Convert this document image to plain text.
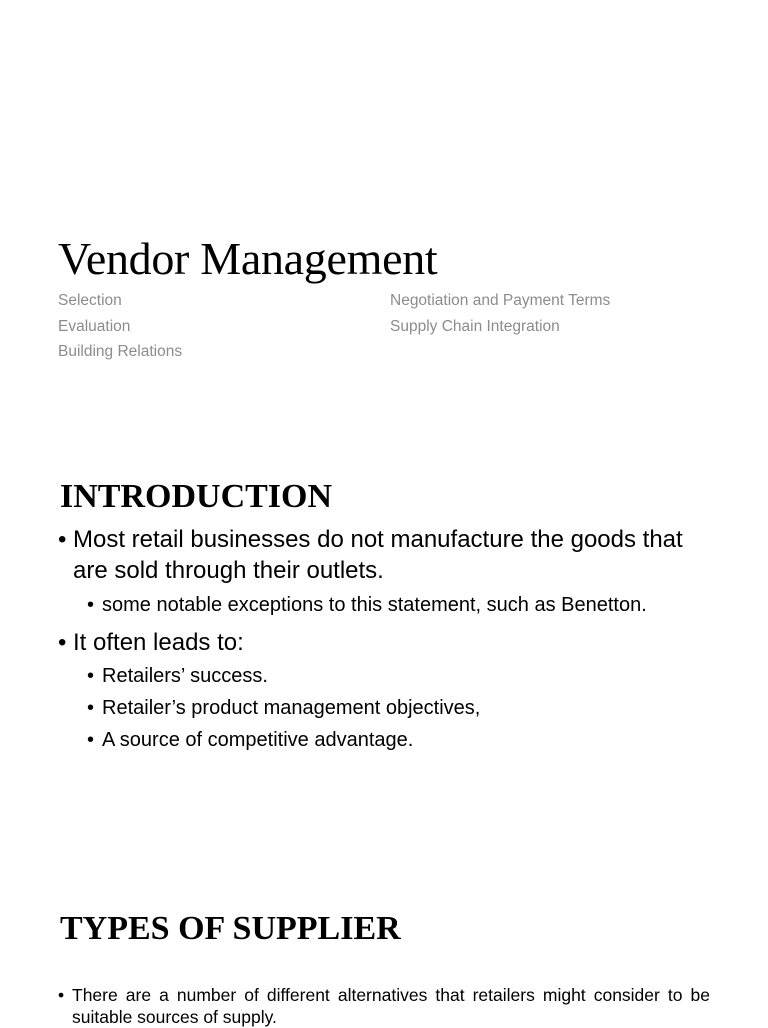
Vendor Management
Selection
Evaluation
Building Relations
Negotiation and Payment Terms
Supply Chain Integration
INTRODUCTION
• Most retail businesses do not manufacture the goods that are sold through their outlets.
• some notable exceptions to this statement, such as Benetton.
• It often leads to:
• Retailers’ success.
• Retailer’s product management objectives,
• A source of competitive advantage.
TYPES OF SUPPLIER
• There are a number of different alternatives that retailers might consider to be suitable sources of supply.
